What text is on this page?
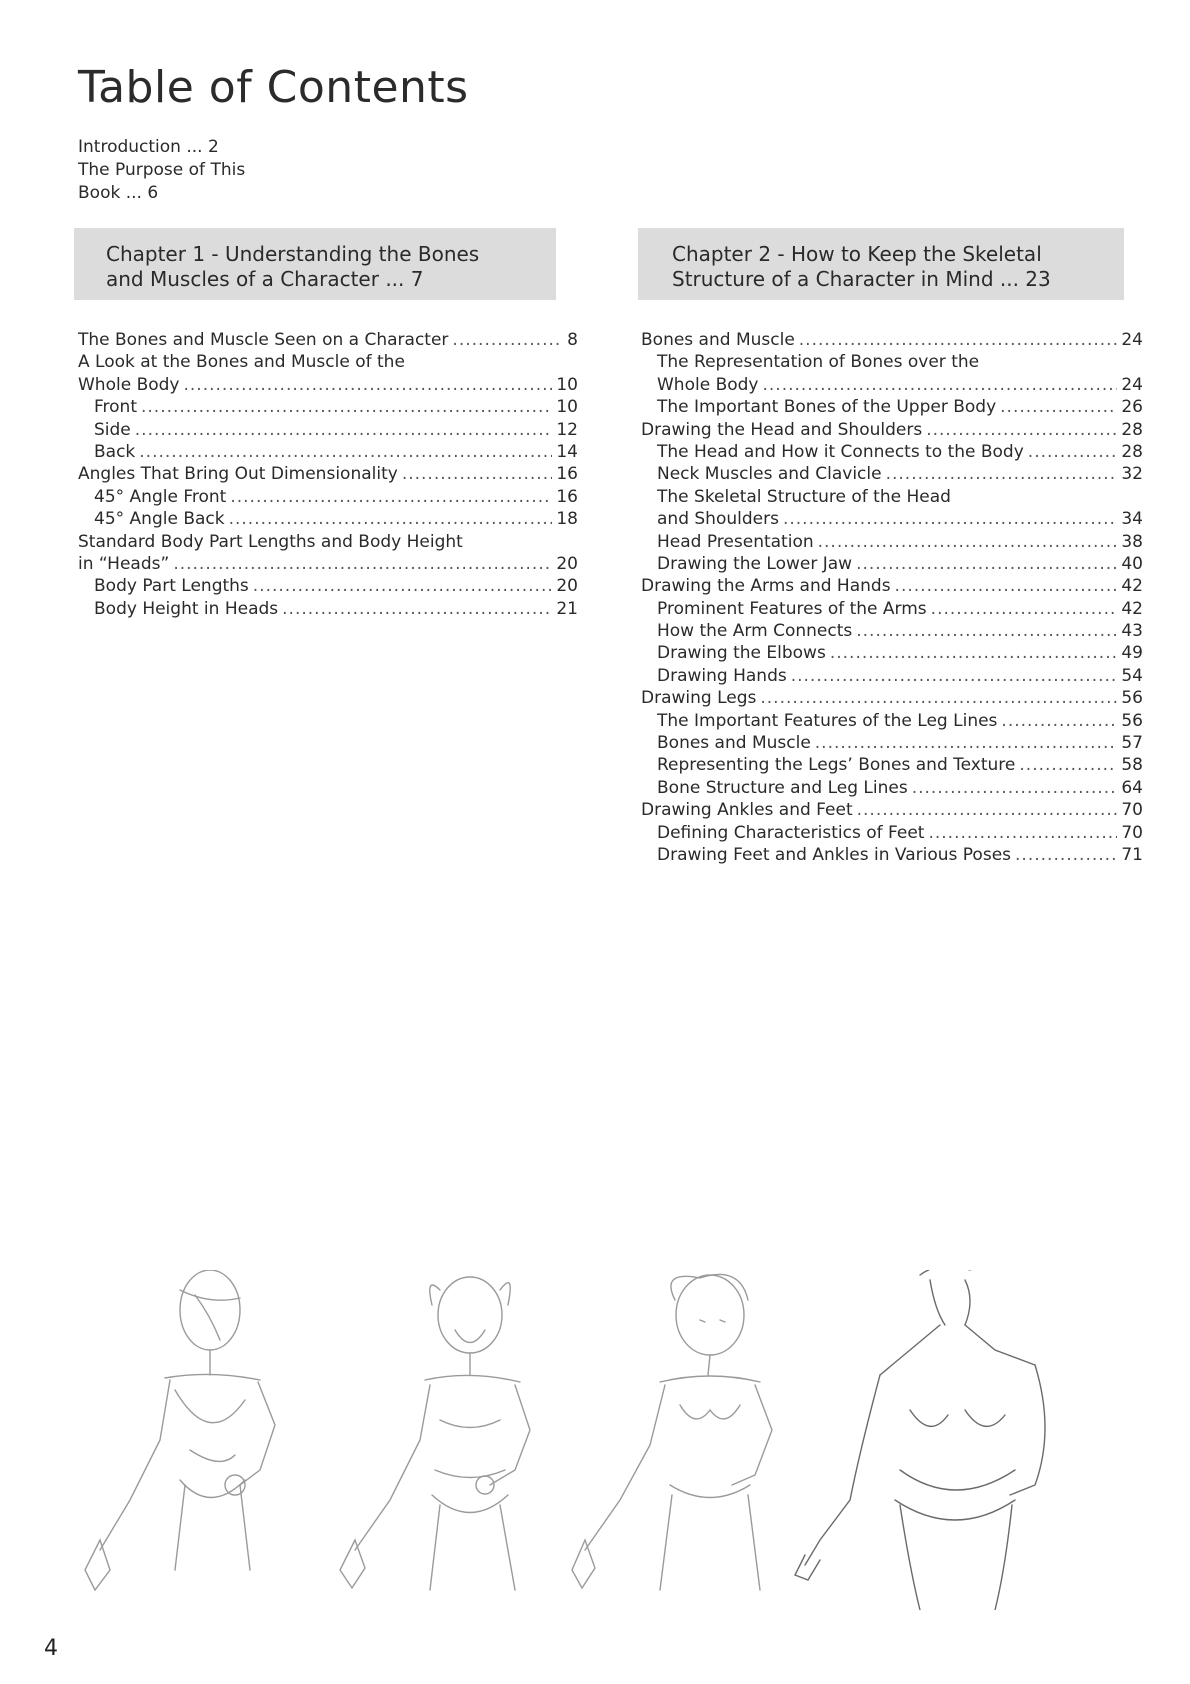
Table of Contents
Introduction ... 2
The Purpose of This
Book ... 6
Chapter 1 - Understanding the Bones
and Muscles of a Character ... 7
Chapter 2 - How to Keep the Skeletal
Structure of a Character in Mind ... 23
The Bones and Muscle Seen on a Character .....	8
A Look at the Bones and Muscle of the
Whole Body .....	10
Front .....	10
Side .....	12
Back .....	14
Angles That Bring Out Dimensionality .....	16
45° Angle Front .....	16
45° Angle Back .....	18
Standard Body Part Lengths and Body Height
in “Heads” .....	20
Body Part Lengths .....	20
Body Height in Heads .....	21
Bones and Muscle .....	24
The Representation of Bones over the
Whole Body .....	24
The Important Bones of the Upper Body .....	26
Drawing the Head and Shoulders .....	28
The Head and How it Connects to the Body .....	28
Neck Muscles and Clavicle .....	32
The Skeletal Structure of the Head
and Shoulders .....	34
Head Presentation .....	38
Drawing the Lower Jaw .....	40
Drawing the Arms and Hands .....	42
Prominent Features of the Arms .....	42
How the Arm Connects .....	43
Drawing the Elbows .....	49
Drawing Hands .....	54
Drawing Legs .....	56
The Important Features of the Leg Lines .....	56
Bones and Muscle .....	57
Representing the Legs’ Bones and Texture .....	58
Bone Structure and Leg Lines .....	64
Drawing Ankles and Feet .....	70
Defining Characteristics of Feet .....	70
Drawing Feet and Ankles in Various Poses .....	71
4
